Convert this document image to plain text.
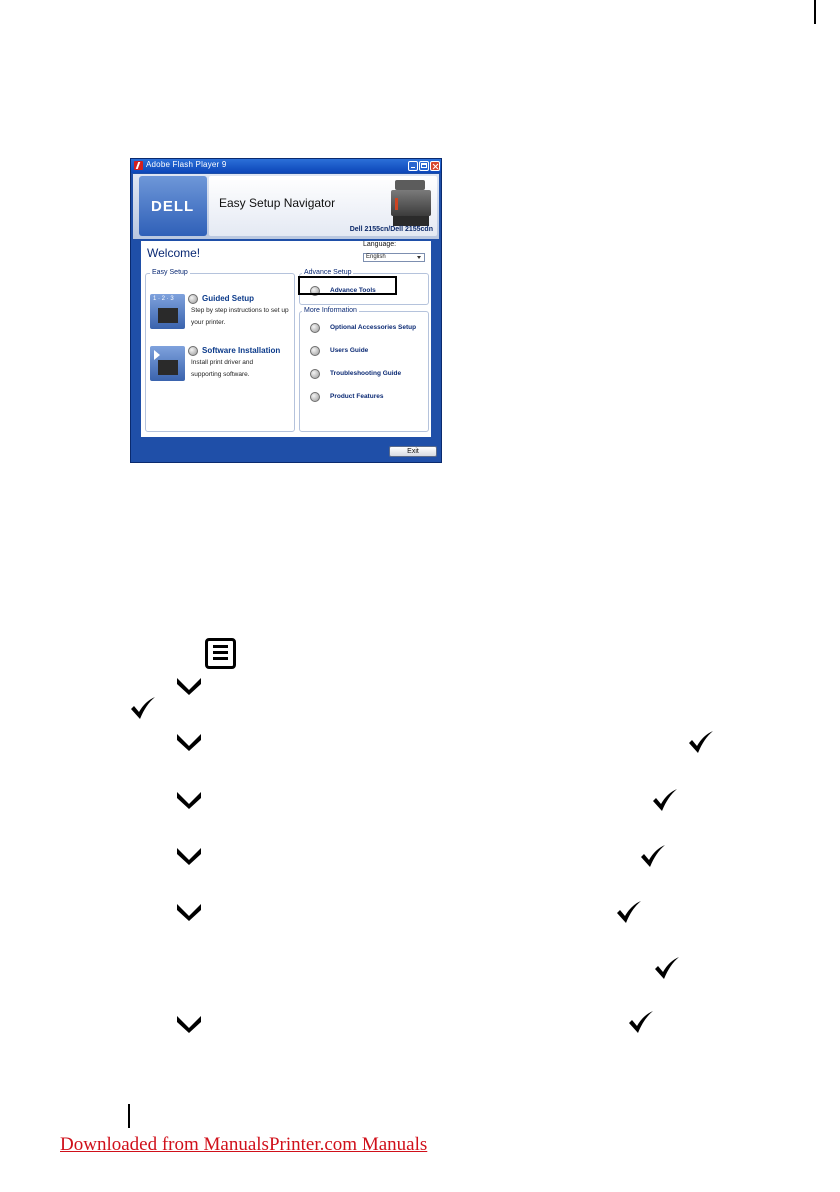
Adobe Flash Player 9
DELL Easy Setup Navigator
Dell 2155cn/Dell 2155cdn
Welcome!
Language:
English
Easy Setup
1 · 2 · 3	Guided Setup
Step by step instructions to set up your printer.
Software Installation
Install print driver and supporting software.
Advance Setup
Advance Tools
More Information
Optional Accessories Setup
Users Guide
Troubleshooting Guide
Product Features
Exit
Downloaded from ManualsPrinter.com Manuals
